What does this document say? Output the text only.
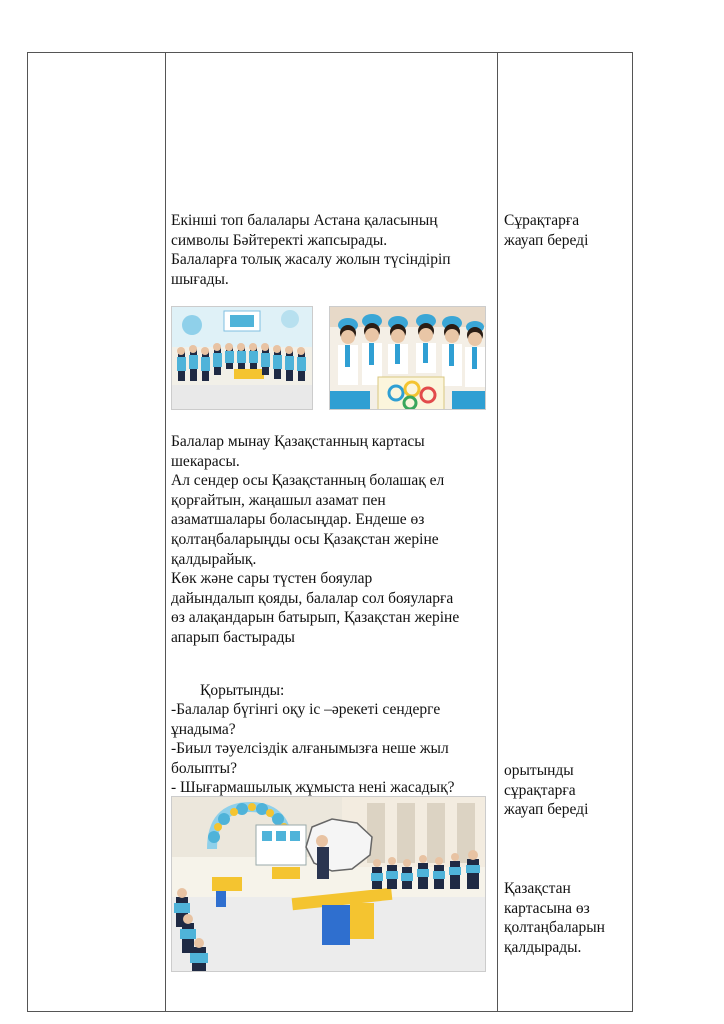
Екінші топ балалары Астана қаласының
символы Бәйтеректі жапсырады.
Балаларға толық жасалу жолын түсіндіріп
шығады.
Балалар мынау Қазақстанның картасы
шекарасы.
Ал сендер осы Қазақстанның болашақ ел
қорғайтын, жаңашыл азамат пен
азаматшалары боласыңдар. Ендеше өз
қолтаңбаларыңды осы Қазақстан жеріне
қалдырайық.
Көк және сары түстен бояулар
дайындалып қояды, балалар сол бояуларға
өз алақандарын батырып, Қазақстан жеріне
апарып бастырады
Қорытынды:
-Балалар бүгінгі оқу іс –әрекеті сендерге
ұнадыма?
-Биыл тәуелсіздік алғанымызға неше жыл
болыпты?
- Шығармашылық жұмыста нені жасадық?
Сұрақтарға
жауап береді
орытынды
сұрақтарға
жауап береді
Қазақстан
картасына өз
қолтаңбаларын
қалдырады.
